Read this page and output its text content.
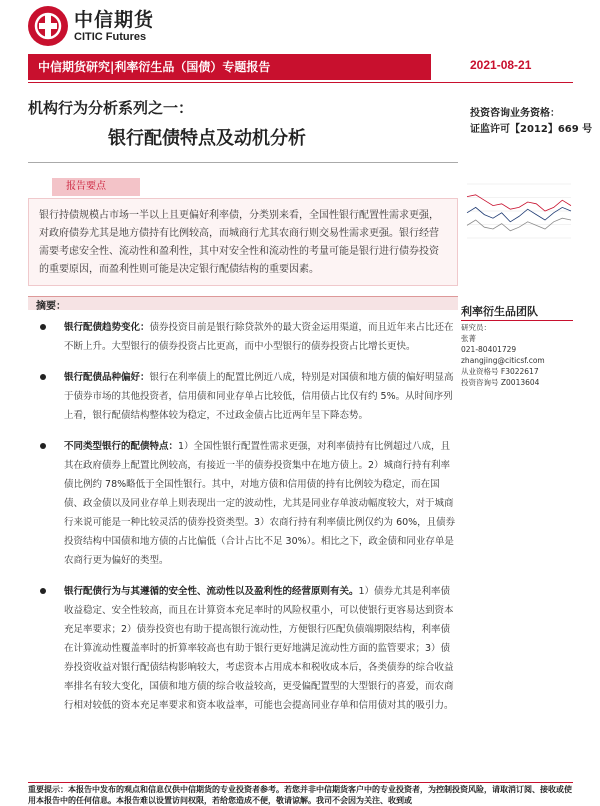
中信期货
CITIC Futures
中信期货研究|利率衍生品（国债）专题报告	2021-08-21
机构行为分析系列之一：
银行配债特点及动机分析
投资咨询业务资格：
证监许可【2012】669 号
报告要点
银行持债规模占市场一半以上且更偏好利率债，分类别来看，全国性银行配置性需求更强，对政府债券尤其是地方债持有比例较高，而城商行尤其农商行则交易性需求更强。银行经营需要考虑安全性、流动性和盈利性，其中对安全性和流动性的考量可能是银行进行债券投资的重要原因，而盈利性则可能是决定银行配债结构的重要因素。
摘要：
银行配债趋势变化：债券投资目前是银行除贷款外的最大资金运用渠道，而且近年来占比还在不断上升。大型银行的债券投资占比更高，而中小型银行的债券投资占比增长更快。
银行配债品种偏好：银行在利率债上的配置比例近八成，特别是对国债和地方债的偏好明显高于债券市场的其他投资者，信用债和同业存单占比较低，信用债占比仅有约 5%。从时间序列上看，银行配债结构整体较为稳定，不过政金债占比近两年呈下降态势。
不同类型银行的配债特点：1）全国性银行配置性需求更强，对利率债持有比例超过八成，且其在政府债券上配置比例较高，有接近一半的债券投资集中在地方债上。2）城商行持有利率债比例约 78%略低于全国性银行。其中，对地方债和信用债的持有比例较为稳定，而在国债、政金债以及同业存单上则表现出一定的波动性，尤其是同业存单波动幅度较大，对于城商行来说可能是一种比较灵活的债券投资类型。3）农商行持有利率债比例仅约为 60%，且债券投资结构中国债和地方债的占比偏低（合计占比不足 30%）。相比之下，政金债和同业存单是农商行更为偏好的类型。
银行配债行为与其遵循的安全性、流动性以及盈利性的经营原则有关。1）债券尤其是利率债收益稳定、安全性较高，而且在计算资本充足率时的风险权重小，可以使银行更容易达到资本充足率要求；2）债券投资也有助于提高银行流动性，方便银行匹配负债端期限结构，利率债在计算流动性覆盖率时的折算率较高也有助于银行更好地满足流动性方面的监管要求；3）债券投资收益对银行配债结构影响较大，考虑资本占用成本和税收成本后，各类债券的综合收益率排名有较大变化，国债和地方债的综合收益较高，更受偏配置型的大型银行的喜爱，而农商行相对较低的资本充足率要求和资本收益率，可能也会提高同业存单和信用债对其的吸引力。
利率衍生品团队
研究员：
张菁
021-80401729
zhangjing@citicsf.com
从业资格号 F3022617
投资咨询号 Z0013604
重要提示：本报告中发布的观点和信息仅供中信期货的专业投资者参考。若您并非中信期货客户中的专业投资者，为控制投资风险，请取消订阅、接收或使用本报告中的任何信息。本报告难以设置访问权限，若给您造成不便，敬请谅解。我司不会因为关注、收到或
